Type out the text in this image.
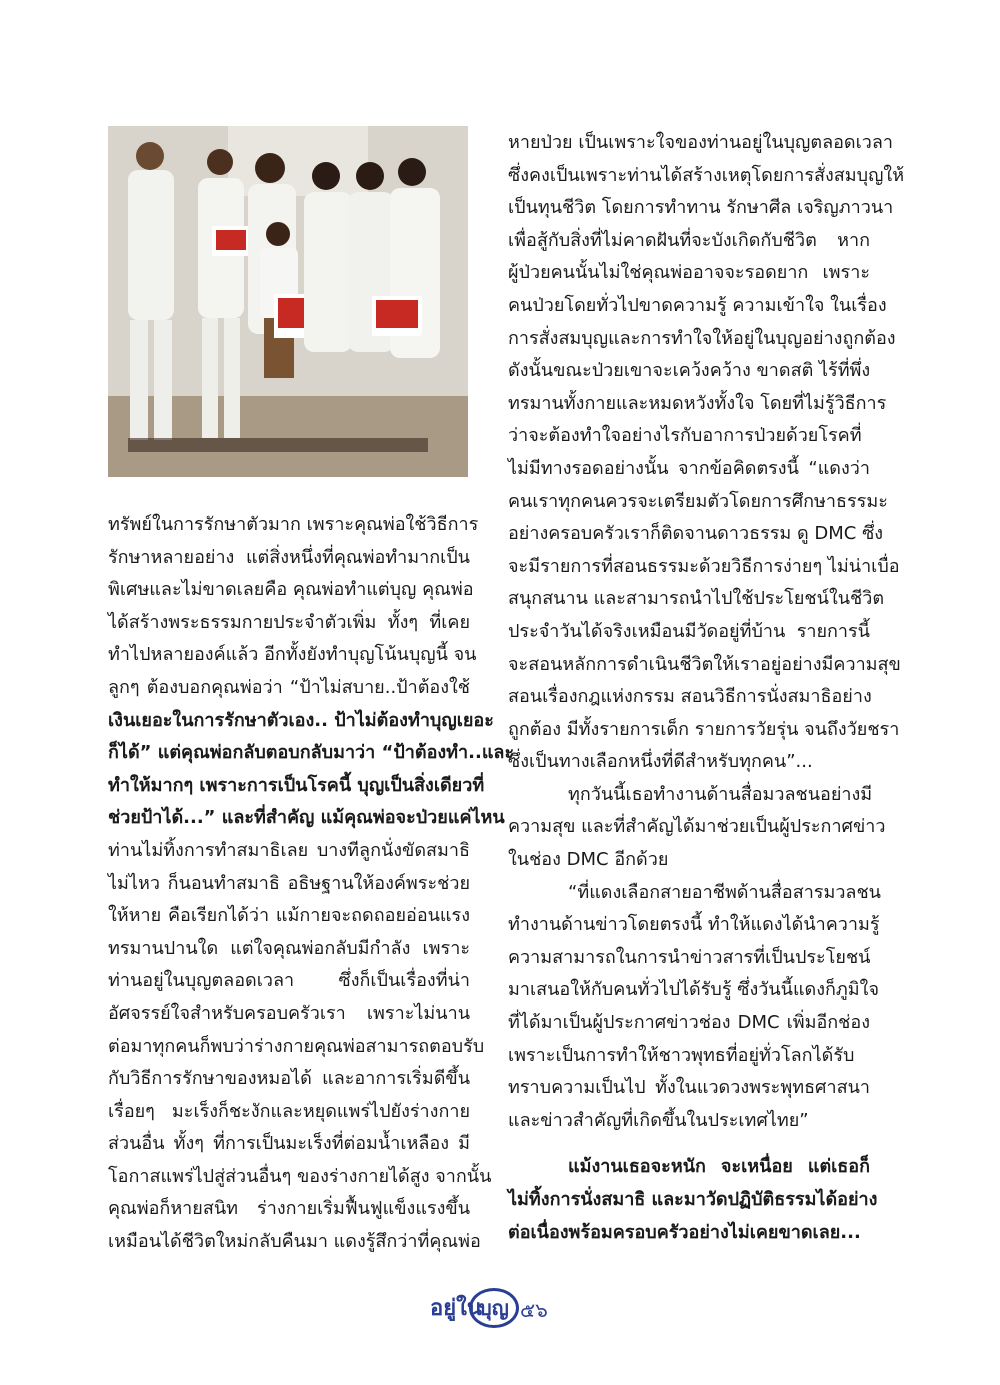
ทรัพย์ในการรักษาตัวมาก เพราะคุณพ่อใช้วิธีการ
รักษาหลายอย่าง แต่สิ่งหนึ่งที่คุณพ่อทำมากเป็น
พิเศษและไม่ขาดเลยคือ คุณพ่อทำแต่บุญ คุณพ่อ
ได้สร้างพระธรรมกายประจำตัวเพิ่ม ทั้งๆ ที่เคย
ทำไปหลายองค์แล้ว อีกทั้งยังทำบุญโน้นบุญนี้ จน
ลูกๆ ต้องบอกคุณพ่อว่า “ป้าไม่สบาย..ป้าต้องใช้
เงินเยอะในการรักษาตัวเอง.. ป้าไม่ต้องทำบุญเยอะ
ก็ได้” แต่คุณพ่อกลับตอบกลับมาว่า “ป้าต้องทำ..และ
ทำให้มากๆ เพราะการเป็นโรคนี้ บุญเป็นสิ่งเดียวที่
ช่วยป้าได้...” และที่สำคัญ แม้คุณพ่อจะป่วยแค่ไหน
ท่านไม่ทิ้งการทำสมาธิเลย บางทีลูกนั่งขัดสมาธิ
ไม่ไหว ก็นอนทำสมาธิ อธิษฐานให้องค์พระช่วย
ให้หาย คือเรียกได้ว่า แม้กายจะถดถอยอ่อนแรง
ทรมานปานใด แต่ใจคุณพ่อกลับมีกำลัง เพราะ
ท่านอยู่ในบุญตลอดเวลา ซึ่งก็เป็นเรื่องที่น่า
อัศจรรย์ใจสำหรับครอบครัวเรา เพราะไม่นาน
ต่อมาทุกคนก็พบว่าร่างกายคุณพ่อสามารถตอบรับ
กับวิธีการรักษาของหมอได้ และอาการเริ่มดีขึ้น
เรื่อยๆ มะเร็งก็ชะงักและหยุดแพร่ไปยังร่างกาย
ส่วนอื่น ทั้งๆ ที่การเป็นมะเร็งที่ต่อมน้ำเหลือง มี
โอกาสแพร่ไปสู่ส่วนอื่นๆ ของร่างกายได้สูง จากนั้น
คุณพ่อก็หายสนิท ร่างกายเริ่มฟื้นฟูแข็งแรงขึ้น
เหมือนได้ชีวิตใหม่กลับคืนมา แดงรู้สึกว่าที่คุณพ่อ
หายป่วย เป็นเพราะใจของท่านอยู่ในบุญตลอดเวลา
ซึ่งคงเป็นเพราะท่านได้สร้างเหตุโดยการสั่งสมบุญให้
เป็นทุนชีวิต โดยการทำทาน รักษาศีล เจริญภาวนา
เพื่อสู้กับสิ่งที่ไม่คาดฝันที่จะบังเกิดกับชีวิต หาก
ผู้ป่วยคนนั้นไม่ใช่คุณพ่ออาจจะรอดยาก เพราะ
คนป่วยโดยทั่วไปขาดความรู้ ความเข้าใจ ในเรื่อง
การสั่งสมบุญและการทำใจให้อยู่ในบุญอย่างถูกต้อง
ดังนั้นขณะป่วยเขาจะเคว้งคว้าง ขาดสติ ไร้ที่พึ่ง
ทรมานทั้งกายและหมดหวังทั้งใจ โดยที่ไม่รู้วิธีการ
ว่าจะต้องทำใจอย่างไรกับอาการป่วยด้วยโรคที่
ไม่มีทางรอดอย่างนั้น จากข้อคิดตรงนี้ “แดงว่า
คนเราทุกคนควรจะเตรียมตัวโดยการศึกษาธรรมะ
อย่างครอบครัวเราก็ติดจานดาวธรรม ดู DMC ซึ่ง
จะมีรายการที่สอนธรรมะด้วยวิธีการง่ายๆ ไม่น่าเบื่อ
สนุกสนาน และสามารถนำไปใช้ประโยชน์ในชีวิต
ประจำวันได้จริงเหมือนมีวัดอยู่ที่บ้าน รายการนี้
จะสอนหลักการดำเนินชีวิตให้เราอยู่อย่างมีความสุข
สอนเรื่องกฎแห่งกรรม สอนวิธีการนั่งสมาธิอย่าง
ถูกต้อง มีทั้งรายการเด็ก รายการวัยรุ่น จนถึงวัยชรา
ซึ่งเป็นทางเลือกหนึ่งที่ดีสำหรับทุกคน”...
ทุกวันนี้เธอทำงานด้านสื่อมวลชนอย่างมี
ความสุข และที่สำคัญได้มาช่วยเป็นผู้ประกาศข่าว
ในช่อง DMC อีกด้วย
“ที่แดงเลือกสายอาชีพด้านสื่อสารมวลชน
ทำงานด้านข่าวโดยตรงนี้ ทำให้แดงได้นำความรู้
ความสามารถในการนำข่าวสารที่เป็นประโยชน์
มาเสนอให้กับคนทั่วไปได้รับรู้ ซึ่งวันนี้แดงก็ภูมิใจ
ที่ได้มาเป็นผู้ประกาศข่าวช่อง DMC เพิ่มอีกช่อง
เพราะเป็นการทำให้ชาวพุทธที่อยู่ทั่วโลกได้รับ
ทราบความเป็นไป ทั้งในแวดวงพระพุทธศาสนา
และข่าวสำคัญที่เกิดขึ้นในประเทศไทย”
แม้งานเธอจะหนัก จะเหนื่อย แต่เธอก็
ไม่ทิ้งการนั่งสมาธิ และมาวัดปฏิบัติธรรมได้อย่าง
ต่อเนื่องพร้อมครอบครัวอย่างไม่เคยขาดเลย...
อยู่ใน
บุญ ๕๖
